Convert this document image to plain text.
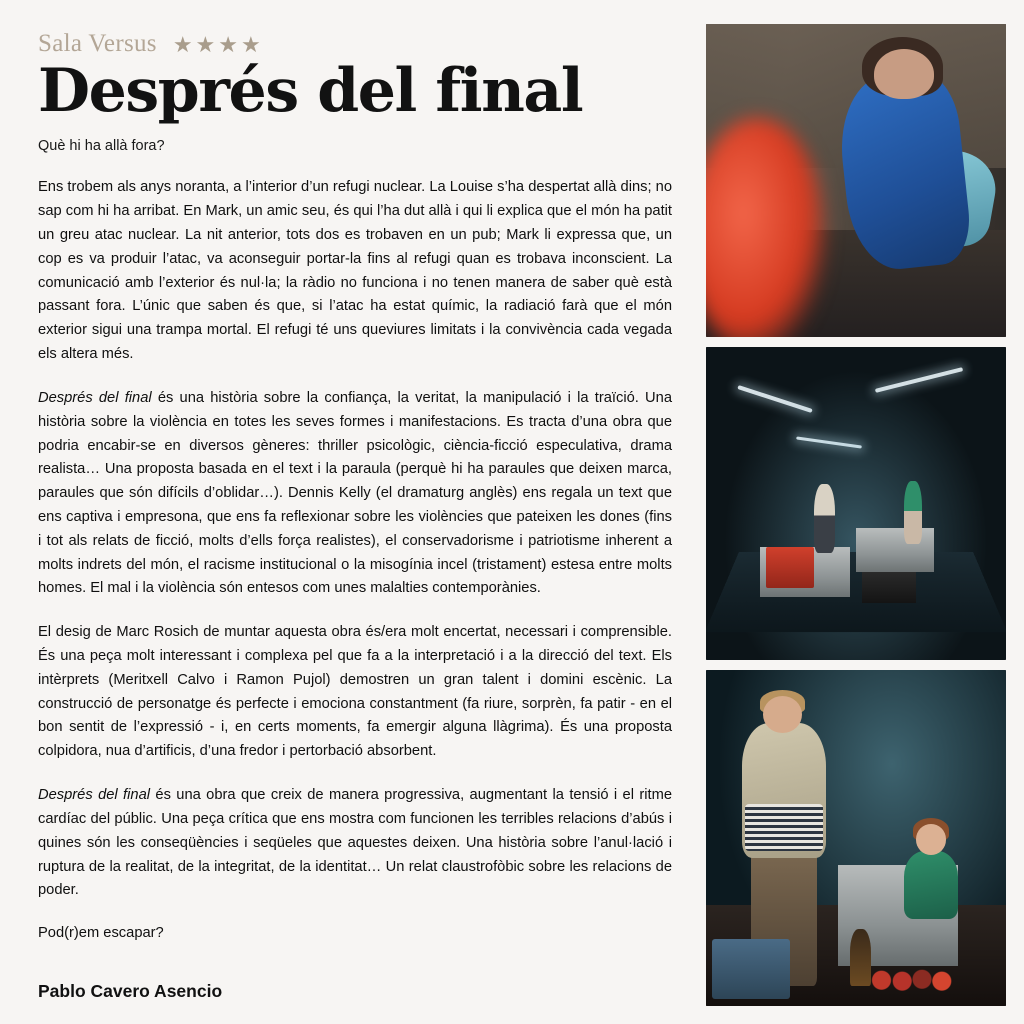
Sala Versus ★★★★
Després del final
Què hi ha allà fora?

Ens trobem als anys noranta, a l’interior d’un refugi nuclear. La Louise s’ha despertat allà dins; no sap com hi ha arribat. En Mark, un amic seu, és qui l’ha dut allà i qui li explica que el món ha patit un greu atac nuclear. La nit anterior, tots dos es trobaven en un pub; Mark li expressa que, un cop es va produir l’atac, va aconseguir portar-la fins al refugi quan es trobava inconscient. La comunicació amb l’exterior és nul·la; la ràdio no funciona i no tenen manera de saber què està passant fora. L’únic que saben és que, si l’atac ha estat químic, la radiació farà que el món exterior sigui una trampa mortal. El refugi té uns queviures limitats i la convivència cada vegada els altera més.

Després del final és una història sobre la confiança, la veritat, la manipulació i la traïció. Una història sobre la violència en totes les seves formes i manifestacions. Es tracta d’una obra que podria encabir-se en diversos gèneres: thriller psicològic, ciència-ficció especulativa, drama realista… Una proposta basada en el text i la paraula (perquè hi ha paraules que deixen marca, paraules que són difícils d’oblidar…). Dennis Kelly (el dramaturg anglès) ens regala un text que ens captiva i empresona, que ens fa reflexionar sobre les violències que pateixen les dones (fins i tot als relats de ficció, molts d’ells força realistes), el conservadorisme i patriotisme inherent a molts indrets del món, el racisme institucional o la misogínia incel (tristament) estesa entre molts homes. El mal i la violència són entesos com unes malalties contemporànies.

El desig de Marc Rosich de muntar aquesta obra és/era molt encertat, necessari i comprensible. És una peça molt interessant i complexa pel que fa a la interpretació i a la direcció del text. Els intèrprets (Meritxell Calvo i Ramon Pujol) demostren un gran talent i domini escènic. La construcció de personatge és perfecte i emociona constantment (fa riure, sorprèn, fa patir - en el bon sentit de l’expressió - i, en certs moments, fa emergir alguna llàgrima). És una proposta colpidora, nua d’artificis, d’una fredor i pertorbació absorbent.

Després del final és una obra que creix de manera progressiva, augmentant la tensió i el ritme cardíac del públic. Una peça crítica que ens mostra com funcionen les terribles relacions d’abús i quines són les conseqüències i seqüeles que aquestes deixen. Una història sobre l’anul·lació i ruptura de la realitat, de la integritat, de la identitat… Un relat claustrofòbic sobre les relacions de poder.

Pod(r)em escapar?

Pablo Cavero Asencio
